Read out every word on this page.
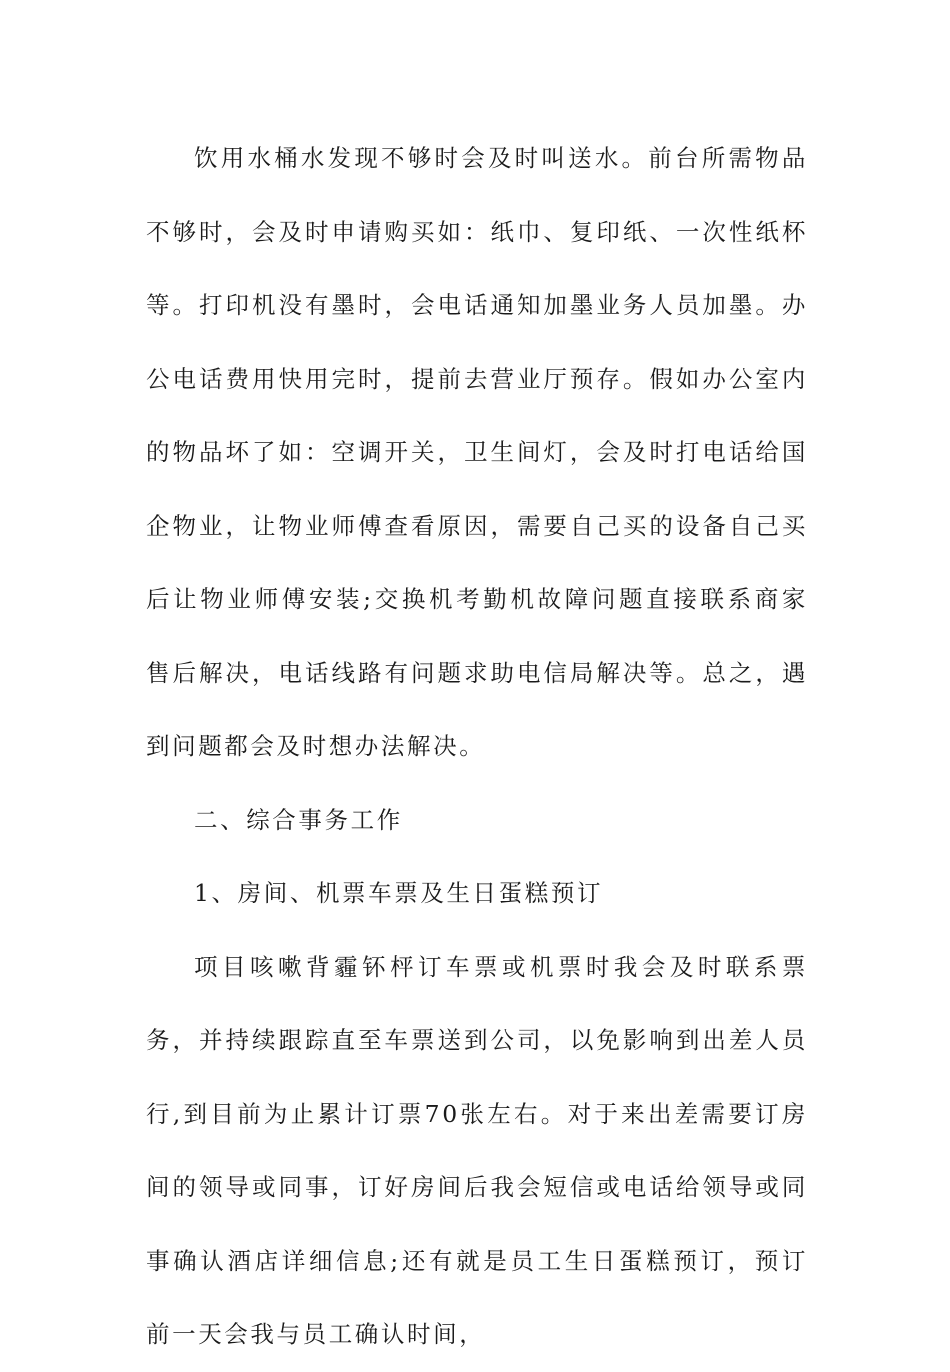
饮用水桶水发现不够时会及时叫送水。前台所需物品不够时，会及时申请购买如：纸巾、复印纸、一次性纸杯等。打印机没有墨时，会电话通知加墨业务人员加墨。办公电话费用快用完时，提前去营业厅预存。假如办公室内的物品坏了如：空调开关，卫生间灯，会及时打电话给国企物业，让物业师傅查看原因，需要自己买的设备自己买后让物业师傅安装;交换机考勤机故障问题直接联系商家售后解决，电话线路有问题求助电信局解决等。总之，遇到问题都会及时想办法解决。

二、综合事务工作

1、房间、机票车票及生日蛋糕预订

项目咳嗽背霾钚枰订车票或机票时我会及时联系票务，并持续跟踪直至车票送到公司，以免影响到出差人员行,到目前为止累计订票70张左右。对于来出差需要订房间的领导或同事，订好房间后我会短信或电话给领导或同事确认酒店详细信息;还有就是员工生日蛋糕预订，预订前一天会我与员工确认时间，
